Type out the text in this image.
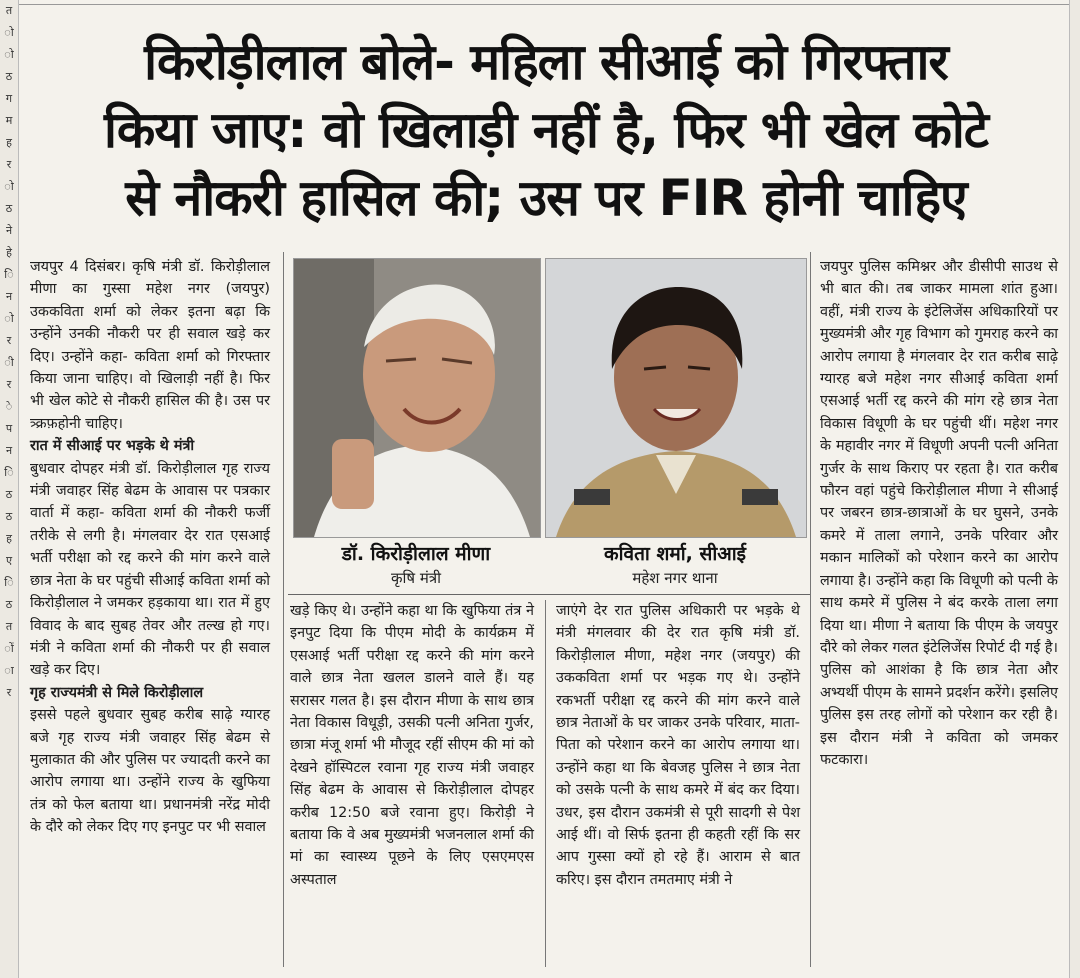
त
ो
ो
ठ
ग
म
ह
र
ो
ठ
ने
हे
ि
न
ो
र
ी
र
े
प
न
ि
ठ
ठ
ह
ए
ि
ठ
त
ों
ा
र
किरोड़ीलाल बोले- महिला सीआई को गिरफ्तार
किया जाए: वो खिलाड़ी नहीं है, फिर भी खेल कोटे
से नौकरी हासिल की; उस पर FIR होनी चाहिए

जयपुर 4 दिसंबर। कृषि मंत्री डॉ. किरोड़ीलाल मीणा का गुस्सा महेश नगर (जयपुर) उककविता शर्मा को लेकर इतना बढ़ा कि उन्होंने उनकी नौकरी पर ही सवाल खड़े कर दिए। उन्होंने कहा- कविता शर्मा को गिरफ्तार किया जाना चाहिए। वो खिलाड़ी नहीं है। फिर भी खेल कोटे से नौकरी हासिल की है। उस पर त्र्क्रफ़होनी चाहिए।

रात में सीआई पर भड़के थे मंत्री

बुधवार दोपहर मंत्री डॉ. किरोड़ीलाल गृह राज्य मंत्री जवाहर सिंह बेढम के आवास पर पत्रकार वार्ता में कहा- कविता शर्मा की नौकरी फर्जी तरीके से लगी है। मंगलवार देर रात एसआई भर्ती परीक्षा को रद्द करने की मांग करने वाले छात्र नेता के घर पहुंची सीआई कविता शर्मा को किरोड़ीलाल ने जमकर हड़काया था। रात में हुए विवाद के बाद सुबह तेवर और तल्ख हो गए। मंत्री ने कविता शर्मा की नौकरी पर ही सवाल खड़े कर दिए।

गृह राज्यमंत्री से मिले किरोड़ीलाल

इससे पहले बुधवार सुबह करीब साढ़े ग्यारह बजे गृह राज्य मंत्री जवाहर सिंह बेढम से मुलाकात की और पुलिस पर ज्यादती करने का आरोप लगाया था। उन्होंने राज्य के खुफिया तंत्र को फेल बताया था। प्रधानमंत्री नरेंद्र मोदी के दौरे को लेकर दिए गए इनपुट पर भी सवाल

डॉ. किरोड़ीलाल मीणा
कृषि मंत्री
कविता शर्मा, सीआई
महेश नगर थाना

खड़े किए थे। उन्होंने कहा था कि खुफिया तंत्र ने इनपुट दिया कि पीएम मोदी के कार्यक्रम में एसआई भर्ती परीक्षा रद्द करने की मांग करने वाले छात्र नेता खलल डालने वाले हैं। यह सरासर गलत है। इस दौरान मीणा के साथ छात्र नेता विकास विधूड़ी, उसकी पत्नी अनिता गुर्जर, छात्रा मंजू शर्मा भी मौजूद रहीं सीएम की मां को देखने हॉस्पिटल रवाना गृह राज्य मंत्री जवाहर सिंह बेढम के आवास से किरोड़ीलाल दोपहर करीब 12:50 बजे रवाना हुए। किरोड़ी ने बताया कि वे अब मुख्यमंत्री भजनलाल शर्मा की मां का स्वास्थ्य पूछने के लिए एसएमएस अस्पताल

जाएंगे देर रात पुलिस अधिकारी पर भड़के थे मंत्री मंगलवार की देर रात कृषि मंत्री डॉ. किरोड़ीलाल मीणा, महेश नगर (जयपुर) की उककविता शर्मा पर भड़क गए थे। उन्होंने रकभर्ती परीक्षा रद्द करने की मांग करने वाले छात्र नेताओं के घर जाकर उनके परिवार, माता-पिता को परेशान करने का आरोप लगाया था। उन्होंने कहा था कि बेवजह पुलिस ने छात्र नेता को उसके पत्नी के साथ कमरे में बंद कर दिया। उधर, इस दौरान उकमंत्री से पूरी सादगी से पेश आई थीं। वो सिर्फ इतना ही कहती रहीं कि सर आप गुस्सा क्यों हो रहे हैं। आराम से बात करिए। इस दौरान तमतमाए मंत्री ने

जयपुर पुलिस कमिश्नर और डीसीपी साउथ से भी बात की। तब जाकर मामला शांत हुआ। वहीं, मंत्री राज्य के इंटेलिजेंस अधिकारियों पर मुख्यमंत्री और गृह विभाग को गुमराह करने का आरोप लगाया है मंगलवार देर रात करीब साढ़े ग्यारह बजे महेश नगर सीआई कविता शर्मा एसआई भर्ती रद्द करने की मांग रहे छात्र नेता विकास विधूणी के घर पहुंची थीं। महेश नगर के महावीर नगर में विधूणी अपनी पत्नी अनिता गुर्जर के साथ किराए पर रहता है। रात करीब फौरन वहां पहुंचे किरोड़ीलाल मीणा ने सीआई पर जबरन छात्र-छात्राओं के घर घुसने, उनके कमरे में ताला लगाने, उनके परिवार और मकान मालिकों को परेशान करने का आरोप लगाया है। उन्होंने कहा कि विधूणी को पत्नी के साथ कमरे में पुलिस ने बंद करके ताला लगा दिया था। मीणा ने बताया कि पीएम के जयपुर दौरे को लेकर गलत इंटेलिजेंस रिपोर्ट दी गई है। पुलिस को आशंका है कि छात्र नेता और अभ्यर्थी पीएम के सामने प्रदर्शन करेंगे। इसलिए पुलिस इस तरह लोगों को परेशान कर रही है। इस दौरान मंत्री ने कविता को जमकर फटकारा।
